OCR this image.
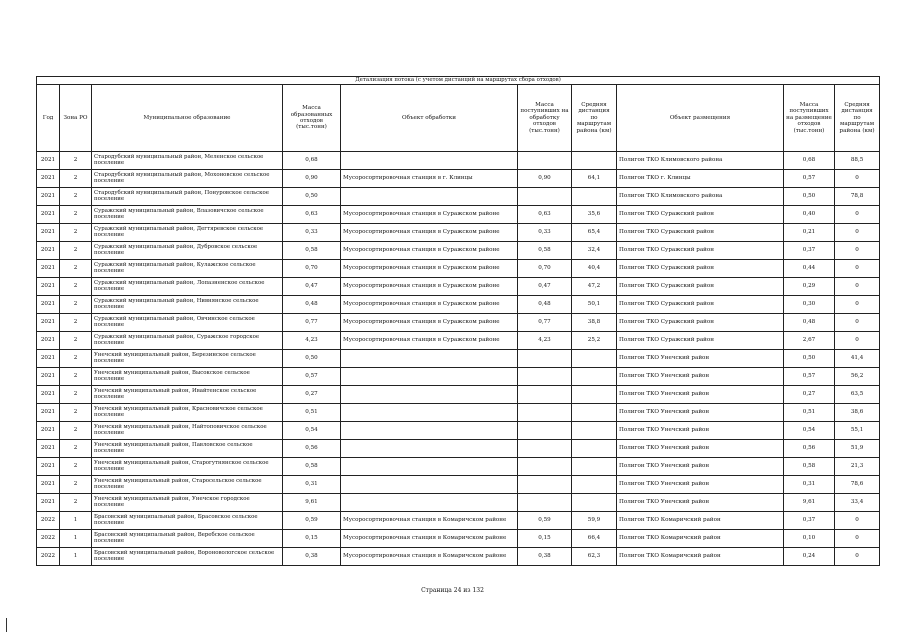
Детализация потока (с учетом дистанций на маршрутах сбора отходов)									
Год	Зона РО	Муниципальное образование	Масса образованных отходов (тыс.тонн)	Объект обработки	Масса поступивших на обработку отходов (тыс.тонн)	Средняя дистанция по маршрутам района (км)	Объект размещения	Масса поступивших на размещение отходов (тыс.тонн)	Средняя дистанция по маршрутам района (км)
2021	2	Стародубский муниципальный район, Меленское сельское поселение	0,68				Полигон ТКО Климовского района	0,68	88,5
2021	2	Стародубский муниципальный район, Мохоновское сельское поселение	0,90	Мусоросортировочная станция в г. Клинцы	0,90	64,1	Полигон ТКО г. Клинцы	0,57	0
2021	2	Стародубский муниципальный район, Понуровское сельское поселение	0,50				Полигон ТКО Климовского района	0,50	78,8
2021	2	Суражский муниципальный район, Влазовичское сельское поселение	0,63	Мусоросортировочная станция в Суражском районе	0,63	35,6	Полигон ТКО Суражский район	0,40	0
2021	2	Суражский муниципальный район, Дегтяревское сельское поселение	0,33	Мусоросортировочная станция в Суражском районе	0,33	65,4	Полигон ТКО Суражский район	0,21	0
2021	2	Суражский муниципальный район, Дубровское сельское поселение	0,58	Мусоросортировочная станция в Суражском районе	0,58	32,4	Полигон ТКО Суражский район	0,37	0
2021	2	Суражский муниципальный район, Кулажское сельское поселение	0,70	Мусоросортировочная станция в Суражском районе	0,70	40,4	Полигон ТКО Суражский район	0,44	0
2021	2	Суражский муниципальный район, Лопазненское сельское поселение	0,47	Мусоросортировочная станция в Суражском районе	0,47	47,2	Полигон ТКО Суражский район	0,29	0
2021	2	Суражский муниципальный район, Нивнянское сельское поселение	0,48	Мусоросортировочная станция в Суражском районе	0,48	50,1	Полигон ТКО Суражский район	0,30	0
2021	2	Суражский муниципальный район, Овчинское сельское поселение	0,77	Мусоросортировочная станция в Суражском районе	0,77	38,8	Полигон ТКО Суражский район	0,48	0
2021	2	Суражский муниципальный район, Суражское городское поселение	4,23	Мусоросортировочная станция в Суражском районе	4,23	25,2	Полигон ТКО Суражский район	2,67	0
2021	2	Унечский муниципальный район, Березинское сельское поселение	0,50				Полигон ТКО Унечский район	0,50	41,4
2021	2	Унечский муниципальный район, Высокское сельское поселение	0,57				Полигон ТКО Унечский район	0,57	56,2
2021	2	Унечский муниципальный район, Ивайтенское сельское поселение	0,27				Полигон ТКО Унечский район	0,27	63,5
2021	2	Унечский муниципальный район, Красновичское сельское поселение	0,51				Полигон ТКО Унечский район	0,51	38,6
2021	2	Унечский муниципальный район, Найтоповичское сельское поселение	0,54				Полигон ТКО Унечский район	0,54	55,1
2021	2	Унечский муниципальный район, Павловское сельское поселение	0,56				Полигон ТКО Унечский район	0,56	51,9
2021	2	Унечский муниципальный район, Старогутнянское сельское поселение	0,58				Полигон ТКО Унечский район	0,58	21,3
2021	2	Унечский муниципальный район, Старосельское сельское поселение	0,31				Полигон ТКО Унечский район	0,31	78,6
2021	2	Унечский муниципальный район, Унечское городское поселение	9,61				Полигон ТКО Унечский район	9,61	33,4
2022	1	Брасовский муниципальный район, Брасовское сельское поселение	0,59	Мусоросортировочная станция в Комаричском районе	0,59	59,9	Полигон ТКО Комаричский район	0,37	0
2022	1	Брасовский муниципальный район, Веребское сельское поселение	0,15	Мусоросортировочная станция в Комаричском районе	0,15	66,4	Полигон ТКО Комаричский район	0,10	0
2022	1	Брасовский муниципальный район, Вороновологское сельское поселение	0,38	Мусоросортировочная станция в Комаричском районе	0,38	62,3	Полигон ТКО Комаричский район	0,24	0
Страница 24 из 132
